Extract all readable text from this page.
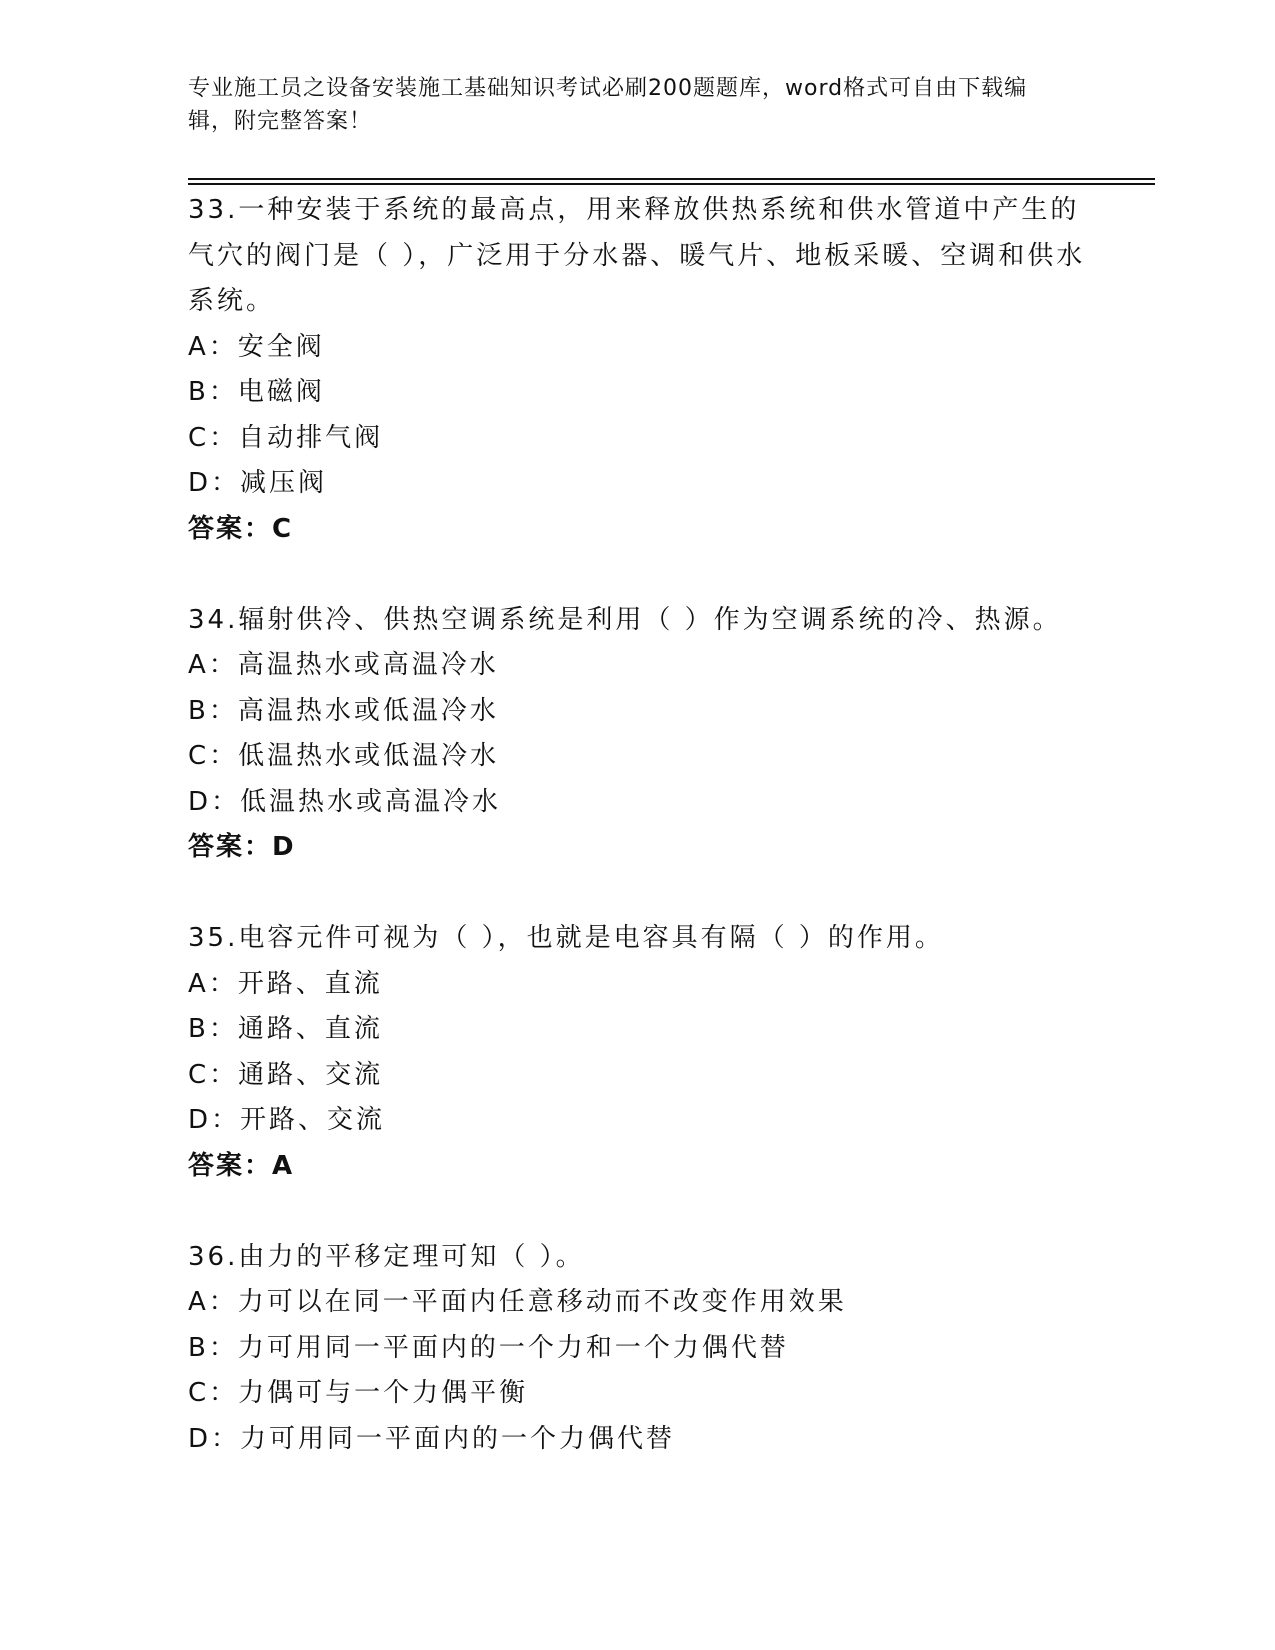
专业施工员之设备安装施工基础知识考试必刷200题题库，word格式可自由下载编辑，附完整答案！
33.一种安装于系统的最高点，用来释放供热系统和供水管道中产生的气穴的阀门是（ ），广泛用于分水器、暖气片、地板采暖、空调和供水系统。
A：安全阀
B：电磁阀
C：自动排气阀
D：减压阀
答案：C
34.辐射供冷、供热空调系统是利用（ ）作为空调系统的冷、热源。
A：高温热水或高温冷水
B：高温热水或低温冷水
C：低温热水或低温冷水
D：低温热水或高温冷水
答案：D
35.电容元件可视为（ ），也就是电容具有隔（ ）的作用。
A：开路、直流
B：通路、直流
C：通路、交流
D：开路、交流
答案：A
36.由力的平移定理可知（ ）。
A：力可以在同一平面内任意移动而不改变作用效果
B：力可用同一平面内的一个力和一个力偶代替
C：力偶可与一个力偶平衡
D：力可用同一平面内的一个力偶代替
